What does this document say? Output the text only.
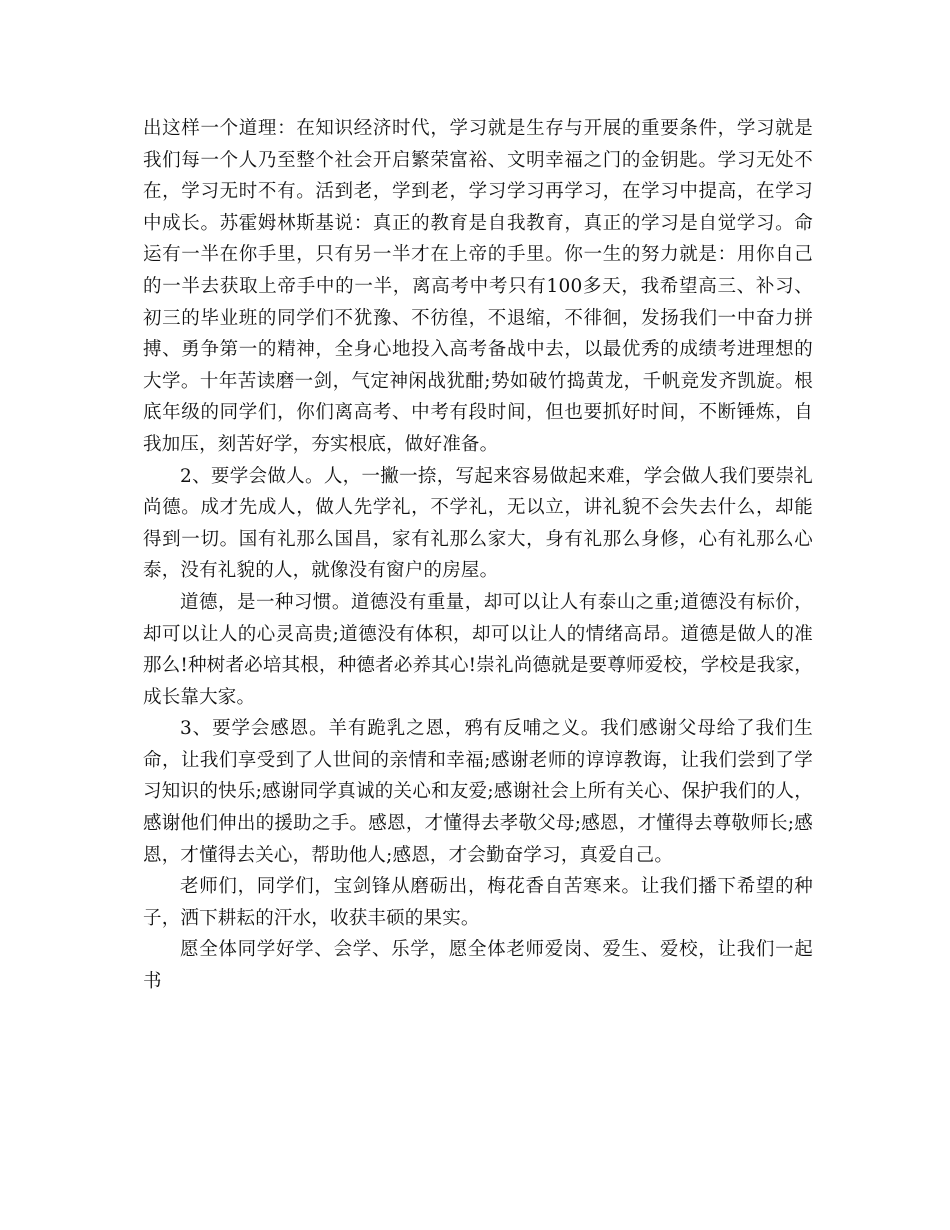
出这样一个道理：在知识经济时代，学习就是生存与开展的重要条件，学习就是我们每一个人乃至整个社会开启繁荣富裕、文明幸福之门的金钥匙。学习无处不在，学习无时不有。活到老，学到老，学习学习再学习，在学习中提高，在学习中成长。苏霍姆林斯基说：真正的教育是自我教育，真正的学习是自觉学习。命运有一半在你手里，只有另一半才在上帝的手里。你一生的努力就是：用你自己的一半去获取上帝手中的一半，离高考中考只有100多天，我希望高三、补习、初三的毕业班的同学们不犹豫、不彷徨，不退缩，不徘徊，发扬我们一中奋力拼搏、勇争第一的精神，全身心地投入高考备战中去，以最优秀的成绩考进理想的大学。十年苦读磨一剑，气定神闲战犹酣;势如破竹捣黄龙，千帆竞发齐凯旋。根底年级的同学们，你们离高考、中考有段时间，但也要抓好时间，不断锤炼，自我加压，刻苦好学，夯实根底，做好准备。

2、要学会做人。人，一撇一捺，写起来容易做起来难，学会做人我们要崇礼尚德。成才先成人，做人先学礼，不学礼，无以立，讲礼貌不会失去什么，却能得到一切。国有礼那么国昌，家有礼那么家大，身有礼那么身修，心有礼那么心泰，没有礼貌的人，就像没有窗户的房屋。

道德，是一种习惯。道德没有重量，却可以让人有泰山之重;道德没有标价，却可以让人的心灵高贵;道德没有体积，却可以让人的情绪高昂。道德是做人的准那么!种树者必培其根，种德者必养其心!崇礼尚德就是要尊师爱校，学校是我家，成长靠大家。

3、要学会感恩。羊有跪乳之恩，鸦有反哺之义。我们感谢父母给了我们生命，让我们享受到了人世间的亲情和幸福;感谢老师的谆谆教诲，让我们尝到了学习知识的快乐;感谢同学真诚的关心和友爱;感谢社会上所有关心、保护我们的人，感谢他们伸出的援助之手。感恩，才懂得去孝敬父母;感恩，才懂得去尊敬师长;感恩，才懂得去关心，帮助他人;感恩，才会勤奋学习，真爱自己。

老师们，同学们，宝剑锋从磨砺出，梅花香自苦寒来。让我们播下希望的种子，洒下耕耘的汗水，收获丰硕的果实。

愿全体同学好学、会学、乐学，愿全体老师爱岗、爱生、爱校，让我们一起书
